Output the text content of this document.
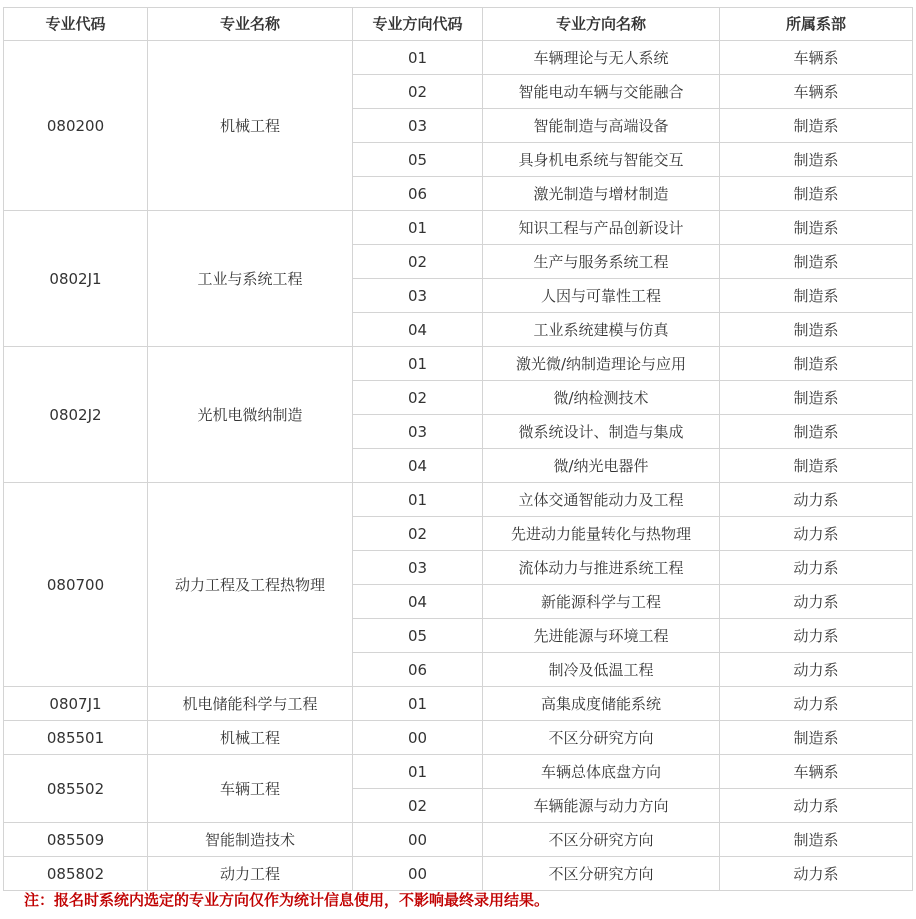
专业代码	专业名称	专业方向代码	专业方向名称	所属系部
080200	机械工程	01	车辆理论与无人系统	车辆系
		02	智能电动车辆与交能融合	车辆系
		03	智能制造与高端设备	制造系
		05	具身机电系统与智能交互	制造系
		06	激光制造与增材制造	制造系
0802J1	工业与系统工程	01	知识工程与产品创新设计	制造系
		02	生产与服务系统工程	制造系
		03	人因与可靠性工程	制造系
		04	工业系统建模与仿真	制造系
0802J2	光机电微纳制造	01	激光微/纳制造理论与应用	制造系
		02	微/纳检测技术	制造系
		03	微系统设计、制造与集成	制造系
		04	微/纳光电器件	制造系
080700	动力工程及工程热物理	01	立体交通智能动力及工程	动力系
		02	先进动力能量转化与热物理	动力系
		03	流体动力与推进系统工程	动力系
		04	新能源科学与工程	动力系
		05	先进能源与环境工程	动力系
		06	制冷及低温工程	动力系
0807J1	机电储能科学与工程	01	高集成度储能系统	动力系
085501	机械工程	00	不区分研究方向	制造系
085502	车辆工程	01	车辆总体底盘方向	车辆系
		02	车辆能源与动力方向	动力系
085509	智能制造技术	00	不区分研究方向	制造系
085802	动力工程	00	不区分研究方向	动力系
注：报名时系统内选定的专业方向仅作为统计信息使用，不影响最终录用结果。
